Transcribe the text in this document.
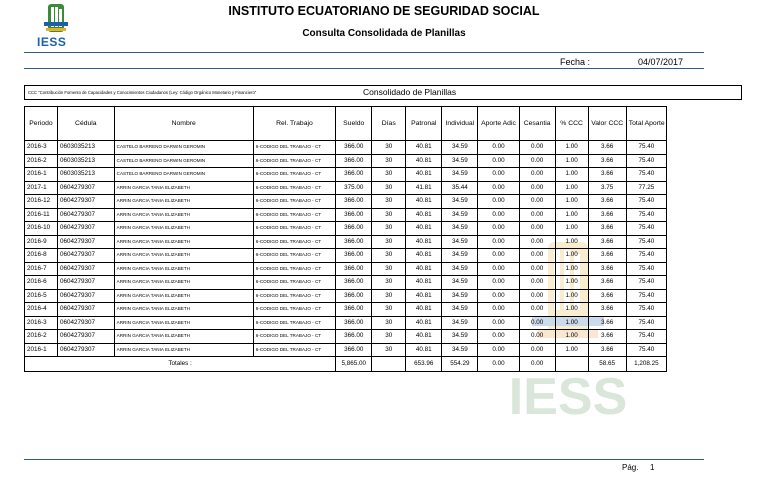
IESS
INSTITUTO ECUATORIANO DE SEGURIDAD SOCIAL
Consulta Consolidada de Planillas
Fecha :	04/07/2017
CCC "Contribución Fomento de Capacidades y Conocimientos Ciudadanos (Ley: Código Orgánico Monetario y Financiero"	Consolidado de Planillas
IESS
Periodo	Cédula	Nombre	Rel. Trabajo	Sueldo	Días	Patronal	Individual	Aporte Adic	Cesantia	% CCC	Valor CCC	Total Aporte
2016-3	0603035213	CASTELO BARRENO DARWIN GEROMIN	6-CODIGO DEL TRABAJO - CT	366.00	30	40.81	34.59	0.00	0.00	1.00	3.66	75.40
2016-2	0603035213	CASTELO BARRENO DARWIN GEROMIN	6-CODIGO DEL TRABAJO - CT	366.00	30	40.81	34.59	0.00	0.00	1.00	3.66	75.40
2016-1	0603035213	CASTELO BARRENO DARWIN GEROMIN	6-CODIGO DEL TRABAJO - CT	366.00	30	40.81	34.59	0.00	0.00	1.00	3.66	75.40
2017-1	0604279307	ARRIN GARCIA TANIA ELIZABETH	6-CODIGO DEL TRABAJO - CT	375.00	30	41.81	35.44	0.00	0.00	1.00	3.75	77.25
2016-12	0604279307	ARRIN GARCIA TANIA ELIZABETH	6-CODIGO DEL TRABAJO - CT	366.00	30	40.81	34.59	0.00	0.00	1.00	3.66	75.40
2016-11	0604279307	ARRIN GARCIA TANIA ELIZABETH	6-CODIGO DEL TRABAJO - CT	366.00	30	40.81	34.59	0.00	0.00	1.00	3.66	75.40
2016-10	0604279307	ARRIN GARCIA TANIA ELIZABETH	6-CODIGO DEL TRABAJO - CT	366.00	30	40.81	34.59	0.00	0.00	1.00	3.66	75.40
2016-9	0604279307	ARRIN GARCIA TANIA ELIZABETH	6-CODIGO DEL TRABAJO - CT	366.00	30	40.81	34.59	0.00	0.00	1.00	3.66	75.40
2016-8	0604279307	ARRIN GARCIA TANIA ELIZABETH	6-CODIGO DEL TRABAJO - CT	366.00	30	40.81	34.59	0.00	0.00	1.00	3.66	75.40
2016-7	0604279307	ARRIN GARCIA TANIA ELIZABETH	6-CODIGO DEL TRABAJO - CT	366.00	30	40.81	34.59	0.00	0.00	1.00	3.66	75.40
2016-6	0604279307	ARRIN GARCIA TANIA ELIZABETH	6-CODIGO DEL TRABAJO - CT	366.00	30	40.81	34.59	0.00	0.00	1.00	3.66	75.40
2016-5	0604279307	ARRIN GARCIA TANIA ELIZABETH	6-CODIGO DEL TRABAJO - CT	366.00	30	40.81	34.59	0.00	0.00	1.00	3.66	75.40
2016-4	0604279307	ARRIN GARCIA TANIA ELIZABETH	6-CODIGO DEL TRABAJO - CT	366.00	30	40.81	34.59	0.00	0.00	1.00	3.66	75.40
2016-3	0604279307	ARRIN GARCIA TANIA ELIZABETH	6-CODIGO DEL TRABAJO - CT	366.00	30	40.81	34.59	0.00	0.00	1.00	3.66	75.40
2016-2	0604279307	ARRIN GARCIA TANIA ELIZABETH	6-CODIGO DEL TRABAJO - CT	366.00	30	40.81	34.59	0.00	0.00	1.00	3.66	75.40
2016-1	0604279307	ARRIN GARCIA TANIA ELIZABETH	6-CODIGO DEL TRABAJO - CT	366.00	30	40.81	34.59	0.00	0.00	1.00	3.66	75.40
Totales :				5,865.00		653.96	554.29	0.00	0.00		58.65	1,208.25
Pág. 1
